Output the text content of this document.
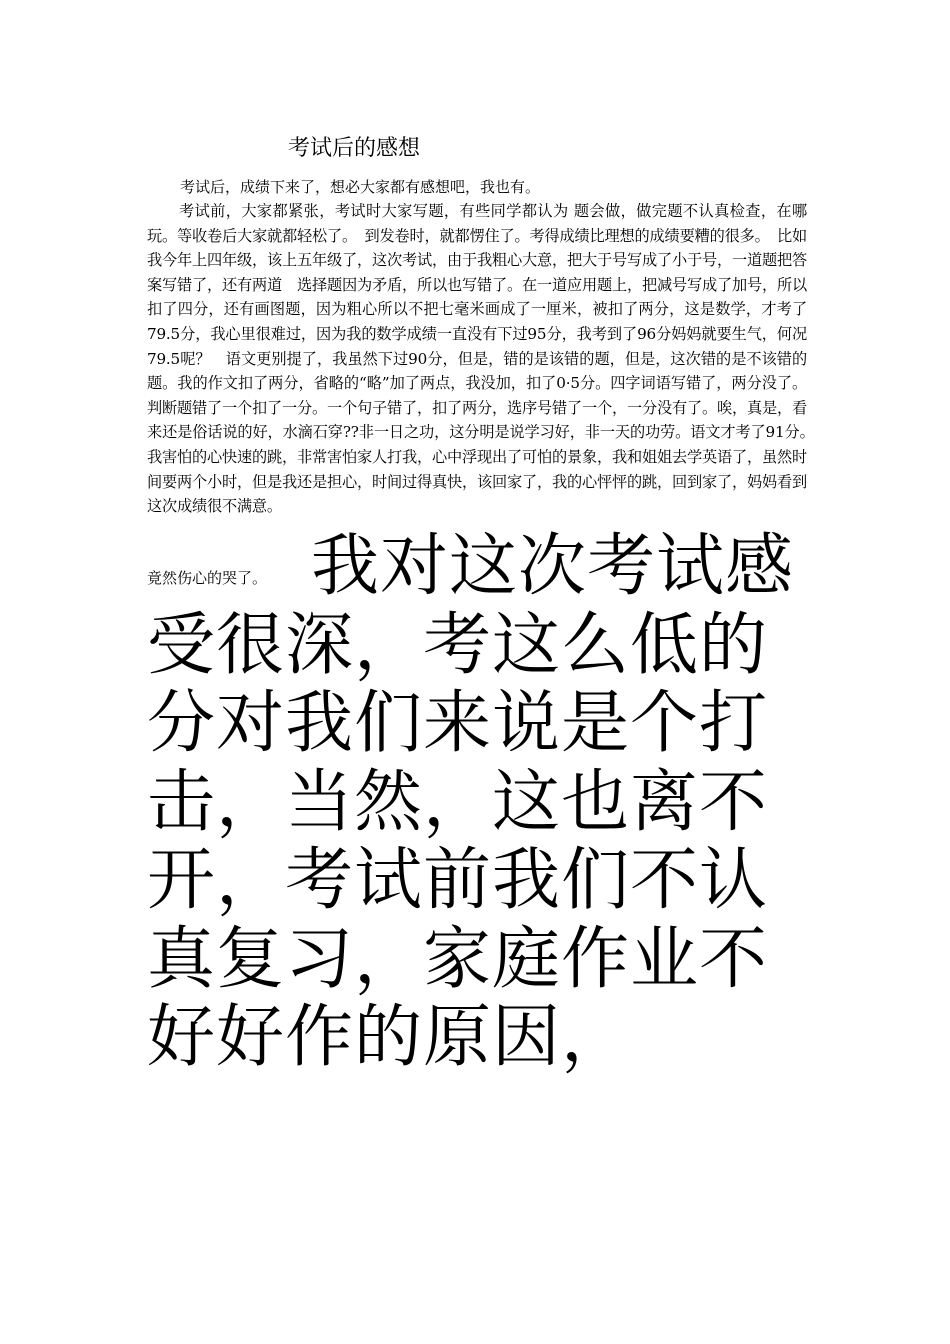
考试后的感想
考试后，成绩下来了，想必大家都有感想吧，我也有。
考试前，大家都紧张，考试时大家写题，有些同学都认为 题会做，做完题不认真检查，在哪玩。等收卷后大家就都轻松了。　到发卷时，就都愣住了。考得成绩比理想的成绩要糟的很多。　比如我今年上四年级，该上五年级了，这次考试，由于我粗心大意，把大于号写成了小于号，一道题把答案写错了，还有两道　选择题因为矛盾，所以也写错了。在一道应用题上，把减号写成了加号，所以扣了四分，还有画图题，因为粗心所以不把七毫米画成了一厘米，被扣了两分，这是数学，才考了79.5分，我心里很难过，因为我的数学成绩一直没有下过95分，我考到了96分妈妈就要生气，何况79.5呢？　语文更别提了，我虽然下过90分，但是，错的是该错的题，但是，这次错的是不该错的题。我的作文扣了两分，省略的“略”加了两点，我没加，扣了0·5分。四字词语写错了，两分没了。判断题错了一个扣了一分。一个句子错了，扣了两分，选序号错了一个，一分没有了。唉，真是，看来还是俗话说的好，水滴石穿??非一日之功，这分明是说学习好，非一天的功劳。语文才考了91分。　我害怕的心快速的跳，非常害怕家人打我，心中浮现出了可怕的景象，我和姐姐去学英语了，虽然时间要两个小时，但是我还是担心，时间过得真快，该回家了，我的心怦怦的跳，回到家了，妈妈看到这次成绩很不满意。
竟然伤心的哭了。 我对这次考试感受很深，考这么低的分对我们来说是个打击，当然，这也离不开，考试前我们不认真复习，家庭作业不好好作的原因，
